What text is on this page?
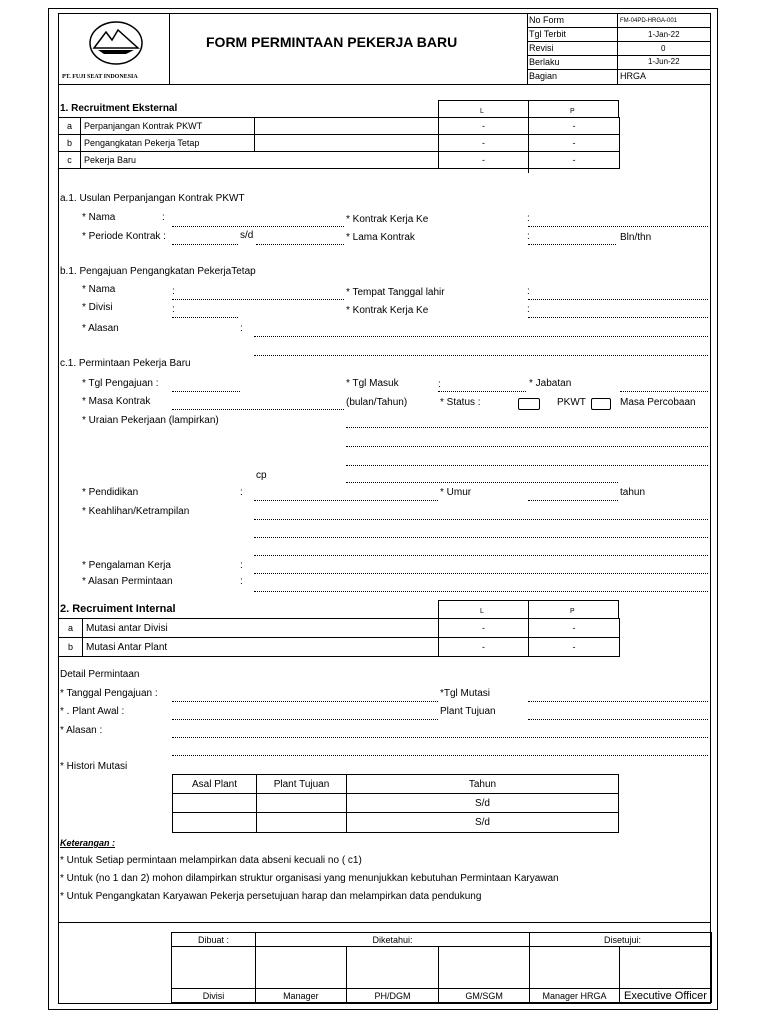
PT. FUJI SEAT INDONESIA
FORM PERMINTAAN PEKERJA BARU
No Form	FM-04PD-HRGA-001
Tgl Terbit	1-Jan-22
Revisi	0
Berlaku	1-Jun-22
Bagian	HRGA
1. Recruitment Eksternal	L	P
a	Perpanjangan Kontrak PKWT		-	-
b	Pengangkatan Pekerja Tetap		-	-
c	Pekerja Baru		-	-
a.1. Usulan Perpanjangan Kontrak PKWT
* Nama	:	* Kontrak Kerja Ke	:
* Periode Kontrak :	s/d	* Lama Kontrak	:	Bln/thn
b.1. Pengajuan Pengangkatan PekerjaTetap
* Nama	:	* Tempat Tanggal lahir	:
* Divisi	:	* Kontrak Kerja Ke	:
* Alasan	:
c.1. Permintaan Pekerja Baru
* Tgl Pengajuan :	* Tgl Masuk	:	* Jabatan
* Masa Kontrak	(bulan/Tahun)	* Status :	PKWT	Masa Percobaan
* Uraian Pekerjaan (lampirkan)
cp
* Pendidikan	:	* Umur	tahun
* Keahlihan/Ketrampilan
* Pengalaman Kerja	:
* Alasan Permintaan	:
2. Recruiment Internal	L	P
a	Mutasi antar Divisi	-	-
b	Mutasi Antar Plant	-	-
Detail Permintaan
* Tanggal Pengajuan :	*Tgl Mutasi
* . Plant Awal :	Plant Tujuan
* Alasan :
* Histori Mutasi
Asal Plant	Plant Tujuan	Tahun
		S/d
		S/d
Keterangan :
* Untuk Setiap permintaan melampirkan data abseni kecuali no ( c1)
* Untuk (no 1 dan 2) mohon dilampirkan struktur organisasi yang menunjukkan kebutuhan Permintaan Karyawan
* Untuk Pengangkatan Karyawan Pekerja persetujuan harap dan melampirkan data pendukung
Dibuat :	Diketahui:			Disetujui:	

Divisi	Manager	PH/DGM	GM/SGM	Manager HRGA	Executive Officer
